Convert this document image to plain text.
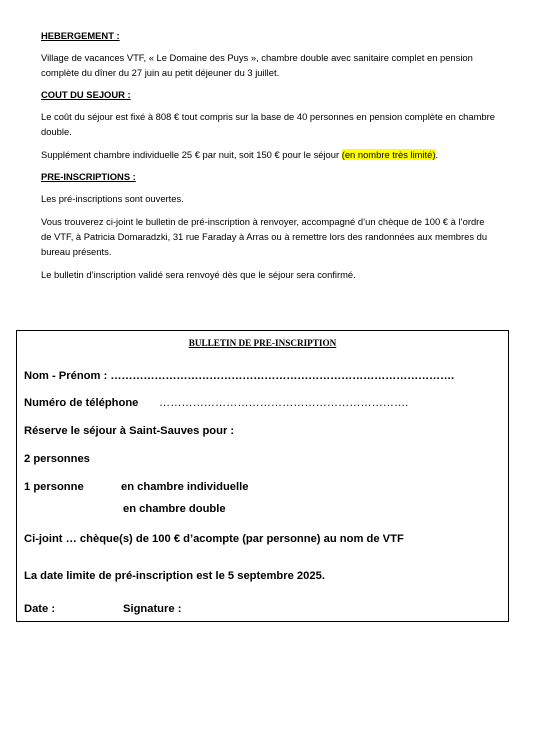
HEBERGEMENT :

Village de vacances VTF, « Le Domaine des Puys », chambre double avec sanitaire complet en pension complète du dîner du 27 juin au petit déjeuner du 3 juillet.

COUT DU SEJOUR :

Le coût du séjour est fixé à 808 € tout compris sur la base de 40 personnes en pension complète en chambre double.

Supplément chambre individuelle 25 € par nuit, soit 150 € pour le séjour (en nombre très limité).

PRE-INSCRIPTIONS :

Les pré-inscriptions sont ouvertes.

Vous trouverez ci-joint le bulletin de pré-inscription à renvoyer, accompagné d’un chèque de 100 € à l’ordre de VTF, à Patricia Domaradzki, 31 rue Faraday à Arras ou à remettre lors des randonnées aux membres du bureau présents.

Le bulletin d’inscription validé sera renvoyé dès que le séjour sera confirmé.

BULLETIN DE PRE-INSCRIPTION
Nom - Prénom : ………………………………………………………………………………….
Numéro de téléphone ………………………………………………………….
Réserve le séjour à Saint-Sauves pour :
2 personnes
1 personne	en chambre individuelle
en chambre double
Ci-joint … chèque(s) de 100 € d’acompte (par personne) au nom de VTF
La date limite de pré-inscription est le 5 septembre 2025.
Date :	Signature :
